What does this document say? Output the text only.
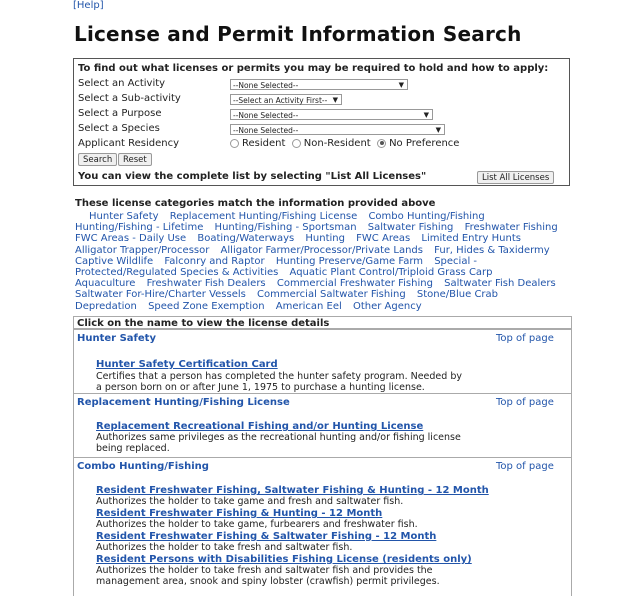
[Help]
License and Permit Information Search
To find out what licenses or permits you may be required to hold and how to apply:
Select an Activity	--None Selected--	▼
Select a Sub-activity	--Select an Activity First-- ▼
Select a Purpose	--None Selected--	▼
Select a Species	--None Selected--	▼
Applicant Residency	Resident Non-Resident No Preference
Search	Reset
You can view the complete list by selecting "List All Licenses"	List All Licenses
These license categories match the information provided above
Hunter Safety Replacement Hunting/Fishing License Combo Hunting/Fishing Hunting/Fishing - Lifetime Hunting/Fishing - Sportsman Saltwater Fishing Freshwater Fishing FWC Areas - Daily Use Boating/Waterways Hunting FWC Areas Limited Entry Hunts Alligator Trapper/Processor Alligator Farmer/Processor/Private Lands Fur, Hides & Taxidermy Captive Wildlife Falconry and Raptor Hunting Preserve/Game Farm Special - Protected/Regulated Species & Activities Aquatic Plant Control/Triploid Grass Carp Aquaculture Freshwater Fish Dealers Commercial Freshwater Fishing Saltwater Fish Dealers Saltwater For-Hire/Charter Vessels Commercial Saltwater Fishing Stone/Blue Crab Depredation Speed Zone Exemption American Eel Other Agency
Click on the name to view the license details
Hunter Safety	Top of page
Hunter Safety Certification Card
Certifies that a person has completed the hunter safety program. Needed by a person born on or after June 1, 1975 to purchase a hunting license.
Replacement Hunting/Fishing License	Top of page
Replacement Recreational Fishing and/or Hunting License
Authorizes same privileges as the recreational hunting and/or fishing license being replaced.
Combo Hunting/Fishing	Top of page
Resident Freshwater Fishing, Saltwater Fishing & Hunting - 12 Month
Authorizes the holder to take game and fresh and saltwater fish.
Resident Freshwater Fishing & Hunting - 12 Month
Authorizes the holder to take game, furbearers and freshwater fish.
Resident Freshwater Fishing & Saltwater Fishing - 12 Month
Authorizes the holder to take fresh and saltwater fish.
Resident Persons with Disabilities Fishing License (residents only)
Authorizes the holder to take fresh and saltwater fish and provides the management area, snook and spiny lobster (crawfish) permit privileges.
